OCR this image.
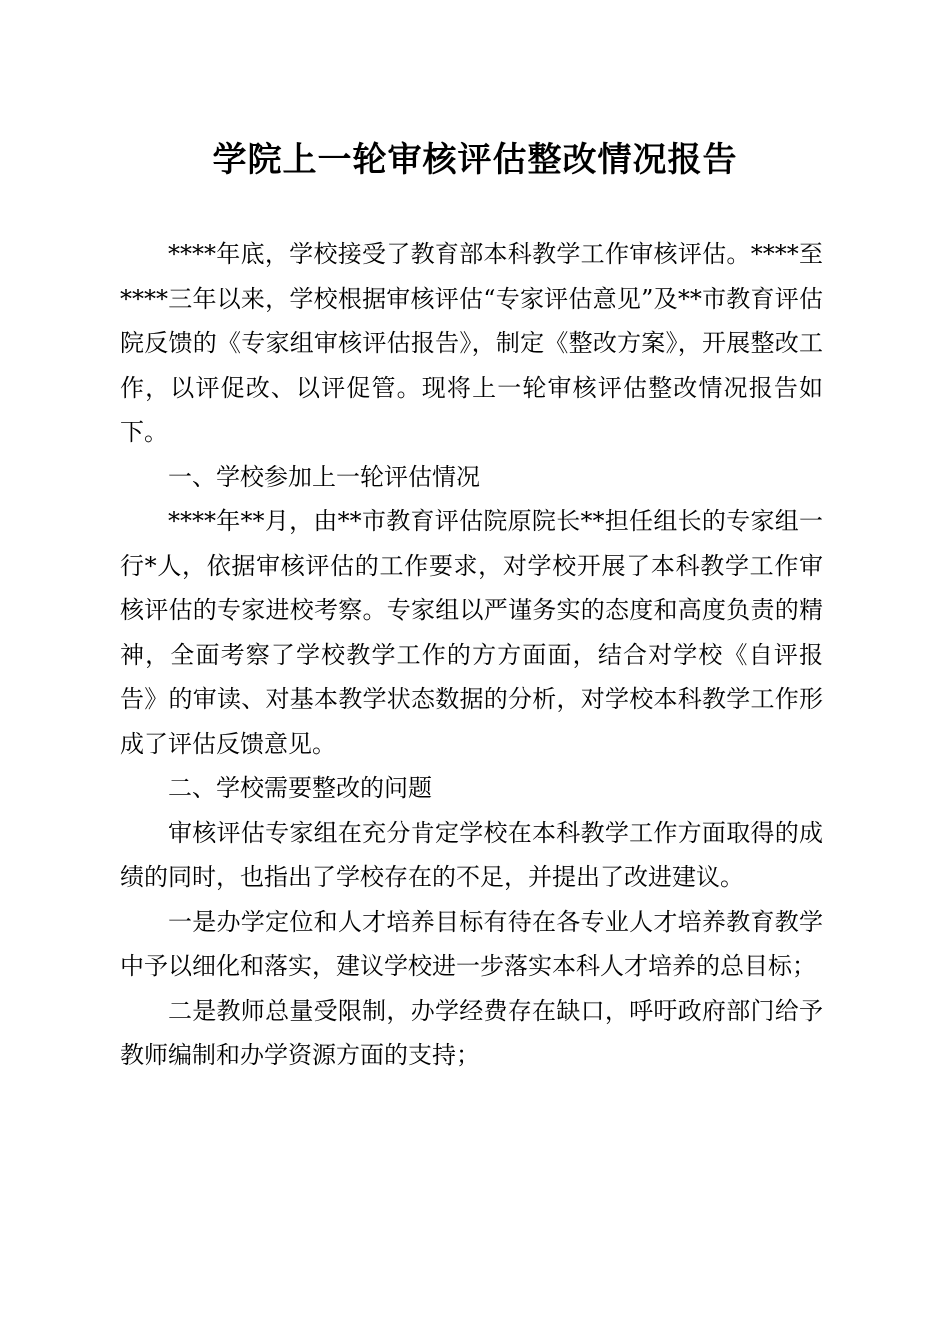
学院上一轮审核评估整改情况报告

****年底，学校接受了教育部本科教学工作审核评估。****至****三年以来，学校根据审核评估“专家评估意见”及**市教育评估院反馈的《专家组审核评估报告》，制定《整改方案》，开展整改工作，以评促改、以评促管。现将上一轮审核评估整改情况报告如下。

一、学校参加上一轮评估情况

****年**月，由**市教育评估院原院长**担任组长的专家组一行*人，依据审核评估的工作要求，对学校开展了本科教学工作审核评估的专家进校考察。专家组以严谨务实的态度和高度负责的精神，全面考察了学校教学工作的方方面面，结合对学校《自评报告》的审读、对基本教学状态数据的分析，对学校本科教学工作形成了评估反馈意见。

二、学校需要整改的问题

审核评估专家组在充分肯定学校在本科教学工作方面取得的成绩的同时，也指出了学校存在的不足，并提出了改进建议。

一是办学定位和人才培养目标有待在各专业人才培养教育教学中予以细化和落实，建议学校进一步落实本科人才培养的总目标；

二是教师总量受限制，办学经费存在缺口，呼吁政府部门给予教师编制和办学资源方面的支持；
